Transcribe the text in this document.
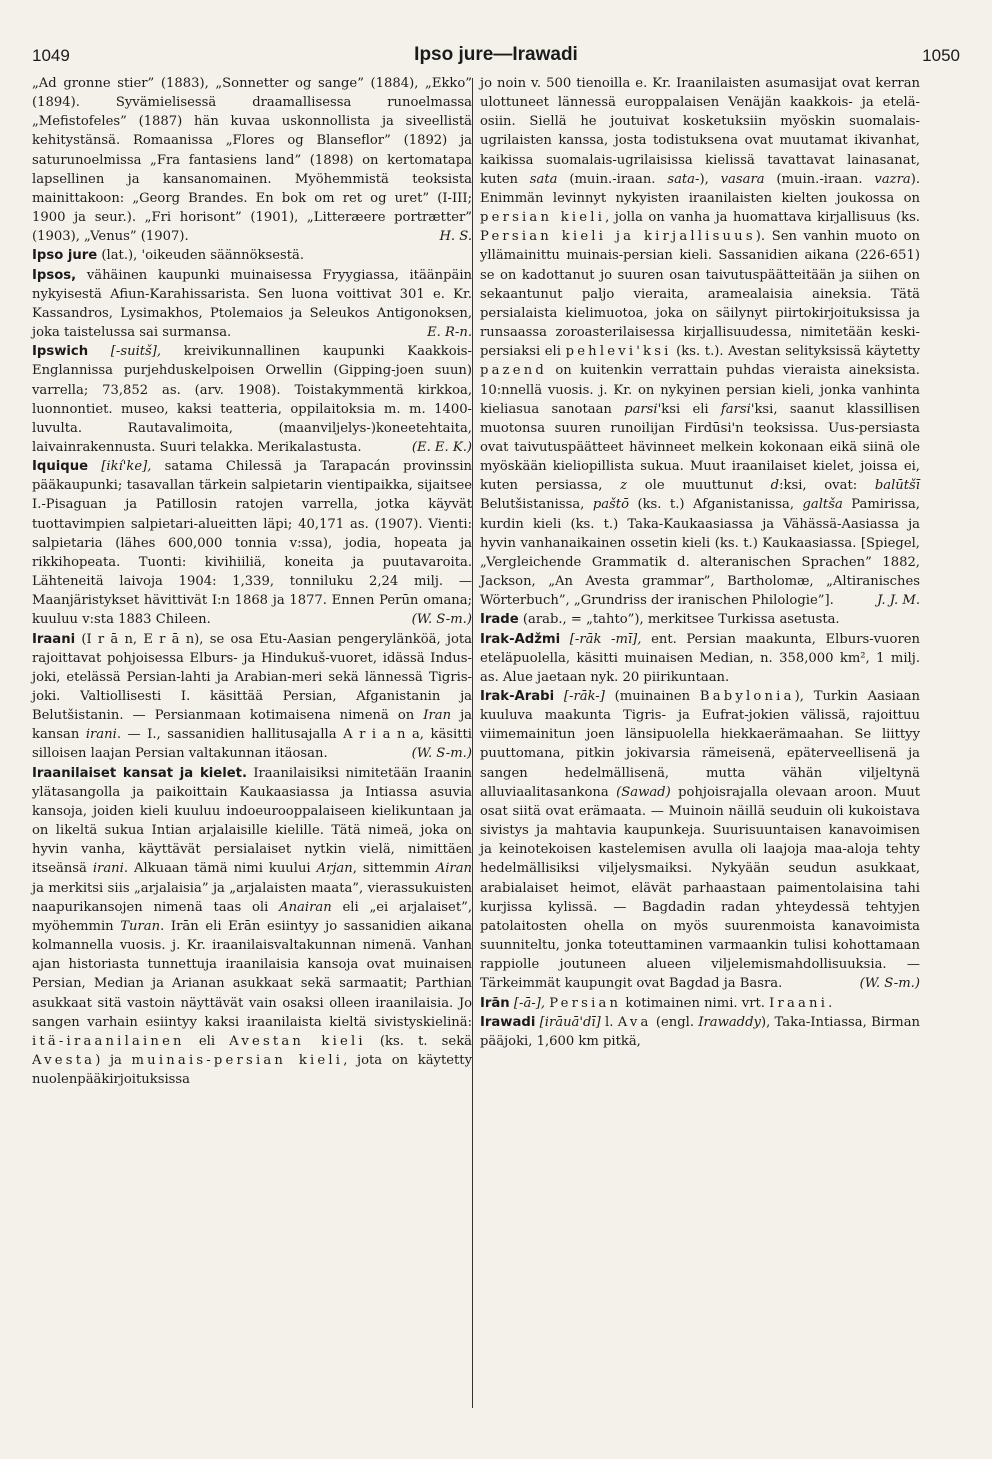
1049	Ipso jure—Irawadi	1050

„Ad gronne stier” (1883), „Sonnetter og sange” (1884), „Ekko” (1894). Syvämielisessä draamallisessa runoelmassa „Mefistofeles” (1887) hän kuvaa uskonnollista ja siveellistä kehitystänsä. Romaanissa „Flores og Blanseflor” (1892) ja saturunoelmissa „Fra fantasiens land” (1898) on kertomatapa lapsellinen ja kansanomainen. Myöhemmistä teoksista mainittakoon: „Georg Brandes. En bok om ret og uret” (I-III; 1900 ja seur.). „Fri horisont” (1901), „Litteræere portrætter” (1903), „Venus” (1907).	H. S.

Ipso jure (lat.), 'oikeuden säännöksestä.

Ipsos, vähäinen kaupunki muinaisessa Fryygiassa, itäänpäin nykyisestä Afiun-Karahissarista. Sen luona voittivat 301 e. Kr. Kassandros, Lysimakhos, Ptolemaios ja Seleukos Antigonoksen, joka taistelussa sai surmansa.	E. R-n.

Ipswich [-suitš], kreivikunnallinen kaupunki Kaakkois-Englannissa purjehduskelpoisen Orwellin (Gipping-joen suun) varrella; 73,852 as. (arv. 1908). Toistakymmentä kirkkoa, luonnontiet. museo, kaksi teatteria, oppilaitoksia m. m. 1400-luvulta. Rautavalimoita, (maanviljelys-)koneetehtaita, laivainrakennusta. Suuri telakka. Merikalastusta.	(E. E. K.)

Iquique [ikí'ke], satama Chilessä ja Tarapacán provinssin pääkaupunki; tasavallan tärkein salpietarin vientipaikka, sijaitsee I.-Pisaguan ja Patillosin ratojen varrella, jotka käyvät tuottavimpien salpietari-alueitten läpi; 40,171 as. (1907). Vienti: salpietaria (lähes 600,000 tonnia v:ssa), jodia, hopeata ja rikkihopeata. Tuonti: kivihiiliä, koneita ja puutavaroita. Lähteneitä laivoja 1904: 1,339, tonniluku 2,24 milj. — Maanjäristykset hävittivät I:n 1868 ja 1877. Ennen Perūn omana; kuuluu v:sta 1883 Chileen.	(W. S-m.)

Iraani (I r ā n, E r ā n), se osa Etu-Aasian pengerylänköä, jota rajoittavat pohjoisessa Elburs- ja Hindukuš-vuoret, idässä Indus-joki, etelässä Persian-lahti ja Arabian-meri sekä lännessä Tigris-joki. Valtiollisesti I. käsittää Persian, Afganistanin ja Belutšistanin. — Persianmaan kotimaisena nimenä on Iran ja kansan irani. — I., sassanidien hallitusajalla A r i a n a, käsitti silloisen laajan Persian valtakunnan itäosan.	(W. S-m.)

Iraanilaiset kansat ja kielet. Iraanilaisiksi nimitetään Iraanin ylätasangolla ja paikoittain Kaukaasiassa ja Intiassa asuvia kansoja, joiden kieli kuuluu indoeurooppalaiseen kielikuntaan ja on likeltä sukua Intian arjalaisille kielille. Tätä nimeä, joka on hyvin vanha, käyttävät persialaiset nytkin vielä, nimittäen itseänsä irani. Alkuaan tämä nimi kuului Arjan, sittemmin Airan ja merkitsi siis „arjalaisia” ja „arjalaisten maata”, vierassukuisten naapurikansojen nimenä taas oli Anairan eli „ei arjalaiset”, myöhemmin Turan. Irān eli Erān esiintyy jo sassanidien aikana kolmannella vuosis. j. Kr. iraanilaisvaltakunnan nimenä. Vanhan ajan historiasta tunnettuja iraanilaisia kansoja ovat muinaisen Persian, Median ja Arianan asukkaat sekä sarmaatit; Parthian asukkaat sitä vastoin näyttävät vain osaksi olleen iraanilaisia. Jo sangen varhain esiintyy kaksi iraanilaista kieltä sivistyskielinä: itä-iraanilainen eli Avestan kieli (ks. t. sekä Avesta) ja muinais-persian kieli, jota on käytetty nuolenpääkirjoituksissa

jo noin v. 500 tienoilla e. Kr. Iraanilaisten asumasijat ovat kerran ulottuneet lännessä europpalaisen Venäjän kaakkois- ja etelä-osiin. Siellä he joutuivat kosketuksiin myöskin suomalais-ugrilaisten kanssa, josta todistuksena ovat muutamat ikivanhat, kaikissa suomalais-ugrilaisissa kielissä tavattavat lainasanat, kuten sata (muin.-iraan. sata-), vasara (muin.-iraan. vazra). Enimmän levinnyt nykyisten iraanilaisten kielten joukossa on persian kieli, jolla on vanha ja huomattava kirjallisuus (ks. Persian kieli ja kirjallisuus). Sen vanhin muoto on yllämainittu muinais-persian kieli. Sassanidien aikana (226-651) se on kadottanut jo suuren osan taivutuspäätteitään ja siihen on sekaantunut paljo vieraita, aramealaisia aineksia. Tätä persialaista kielimuotoa, joka on säilynyt piirtokirjoituksissa ja runsaassa zoroasterilaisessa kirjallisuudessa, nimitetään keski-persiaksi eli pehlevi'ksi (ks. t.). Avestan selityksissä käytetty pazend on kuitenkin verrattain puhdas vieraista aineksista. 10:nnellä vuosis. j. Kr. on nykyinen persian kieli, jonka vanhinta kieliasua sanotaan parsi'ksi eli farsi'ksi, saanut klassillisen muotonsa suuren runoilijan Firdūsi'n teoksissa. Uus-persiasta ovat taivutuspäätteet hävinneet melkein kokonaan eikä siinä ole myöskään kieliopillista sukua. Muut iraanilaiset kielet, joissa ei, kuten persiassa, z ole muuttunut d:ksi, ovat: balūtšī Belutšistanissa, paštō (ks. t.) Afganistanissa, galtša Pamirissa, kurdin kieli (ks. t.) Taka-Kaukaasiassa ja Vähässä-Aasiassa ja hyvin vanhanaikainen ossetin kieli (ks. t.) Kaukaasiassa. [Spiegel, „Vergleichende Grammatik d. alteranischen Sprachen” 1882, Jackson, „An Avesta grammar”, Bartholomæ, „Altiranisches Wörterbuch”, „Grundriss der iranischen Philologie”].	J. J. M.

Irade (arab., = „tahto”), merkitsee Turkissa asetusta.

Irak-Adžmi [-rāk -mī], ent. Persian maakunta, Elburs-vuoren eteläpuolella, käsitti muinaisen Median, n. 358,000 km², 1 milj. as. Alue jaetaan nyk. 20 piirikuntaan.

Irak-Arabi [-rāk-] (muinainen Babylonia), Turkin Aasiaan kuuluva maakunta Tigris- ja Eufrat-jokien välissä, rajoittuu viimemainitun joen länsipuolella hiekkaerämaahan. Se liittyy puuttomana, pitkin jokivarsia rämeisenä, epäterveellisenä ja sangen hedelmällisenä, mutta vähän viljeltynä alluviaalitasankona (Sawad) pohjoisrajalla olevaan aroon. Muut osat siitä ovat erämaata. — Muinoin näillä seuduin oli kukoistava sivistys ja mahtavia kaupunkeja. Suurisuuntaisen kanavoimisen ja keinotekoisen kastelemisen avulla oli laajoja maa-aloja tehty hedelmällisiksi viljelysmaiksi. Nykyään seudun asukkaat, arabialaiset heimot, elävät parhaastaan paimentolaisina tahi kurjissa kylissä. — Bagdadin radan yhteydessä tehtyjen patolaitosten ohella on myös suurenmoista kanavoimista suunniteltu, jonka toteuttaminen varmaankin tulisi kohottamaan rappiolle joutuneen alueen viljelemismahdollisuuksia. — Tärkeimmät kaupungit ovat Bagdad ja Basra.	(W. S-m.)

Irān [-ā-], Persian kotimainen nimi. vrt. Iraani.

Irawadi [irāuā'dī] l. Ava (engl. Irawaddy), Taka-Intiassa, Birman pääjoki, 1,600 km pitkä,
